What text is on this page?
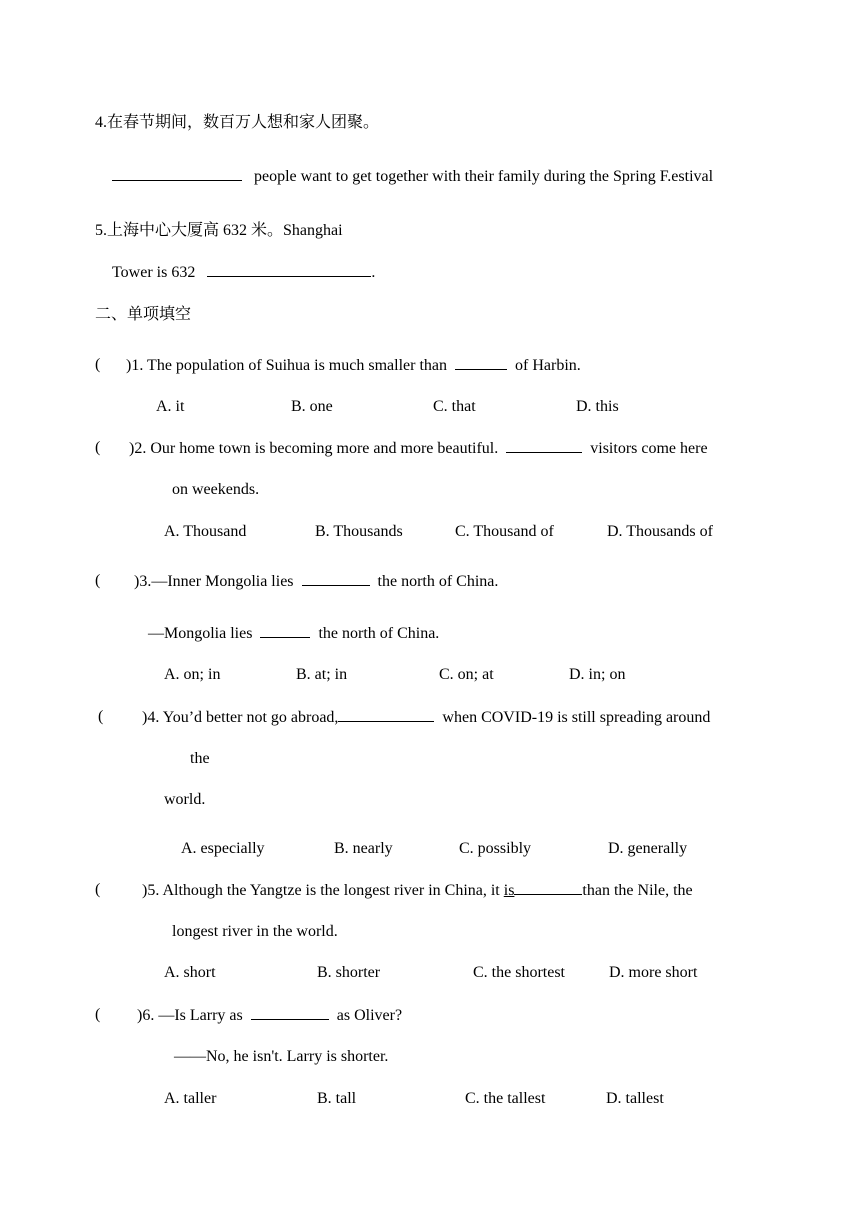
4.在春节期间，数百万人想和家人团聚。
people want to get together with their family during the Spring F.estival
5.上海中心大厦高 632 米。Shanghai
Tower is 632	.
二、单项填空
( )1. The population of Suihua is much smaller than	of Harbin.
A. it	B. one	C. that	D. this
( )2. Our home town is becoming more and more beautiful.	visitors come here
on weekends.
A. Thousand	B. Thousands	C. Thousand of	D. Thousands of
( )3.—Inner Mongolia lies	the north of China.
—Mongolia lies	the north of China.
A. on; in	B. at; in	C. on; at	D. in; on
( )4. You’d better not go abroad,	when COVID-19 is still spreading around
the
world.
A. especially	B. nearly	C. possibly	D. generally
(	)5. Although the Yangtze is the longest river in China, it is	than the Nile, the
longest river in the world.
A. short	B. shorter	C. the shortest	D. more short
( )6. —Is Larry as	as Oliver?
——No, he isn't. Larry is shorter.
A. taller	B. tall	C. the tallest	D. tallest
